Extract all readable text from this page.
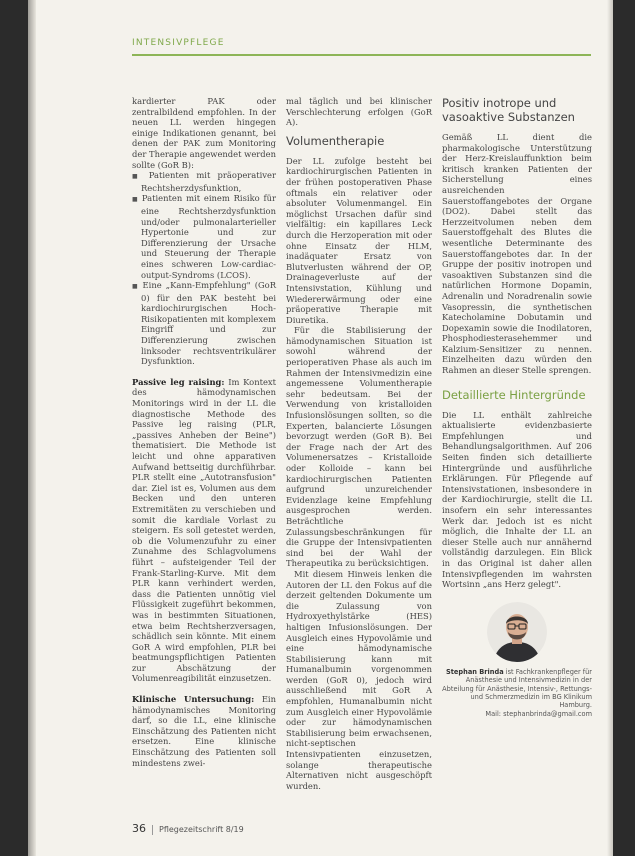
INTENSIVPFLEGE

kardierter PAK oder zentralbildend empfohlen. In der neuen LL werden hingegen einige Indikationen genannt, bei denen der PAK zum Monitoring der Therapie angewendet werden sollte (GoR B):

■ Patienten mit präoperativer Rechtsherzdysfunktion,

■ Patienten mit einem Risiko für eine Rechtsherzdysfunktion und/oder pulmonalarterieller Hypertonie und zur Differenzierung der Ursache und Steuerung der Therapie eines schweren Low-cardiac-output-Syndroms (LCOS).

■ Eine „Kann-Empfehlung" (GoR 0) für den PAK besteht bei kardiochirurgischen Hoch-Risikopatienten mit komplexem Eingriff und zur Differenzierung zwischen linksoder rechtsventrikulärer Dysfunktion.

Passive leg raising: Im Kontext des hämodynamischen Monitorings wird in der LL die diagnostische Methode des Passive leg raising (PLR, „passives Anheben der Beine") thematisiert. Die Methode ist leicht und ohne apparativen Aufwand bettseitig durchführbar. PLR stellt eine „Autotransfusion" dar. Ziel ist es, Volumen aus dem Becken und den unteren Extremitäten zu verschieben und somit die kardiale Vorlast zu steigern. Es soll getestet werden, ob die Volumenzufuhr zu einer Zunahme des Schlagvolumens führt – aufsteigender Teil der Frank-Starling-Kurve. Mit dem PLR kann verhindert werden, dass die Patienten unnötig viel Flüssigkeit zugeführt bekommen, was in bestimmten Situationen, etwa beim Rechtsherzversagen, schädlich sein könnte. Mit einem GoR A wird empfohlen, PLR bei beatmungspflichtigen Patienten zur Abschätzung der Volumenreagibilität einzusetzen.

Klinische Untersuchung: Ein hämodynamisches Monitoring darf, so die LL, eine klinische Einschätzung des Patienten nicht ersetzen. Eine klinische Einschätzung des Patienten soll mindestens zwei-

mal täglich und bei klinischer Verschlechterung erfolgen (GoR A).

Volumentherapie

Der LL zufolge besteht bei kardiochirurgischen Patienten in der frühen postoperativen Phase oftmals ein relativer oder absoluter Volumenmangel. Ein möglichst Ursachen dafür sind vielfältig: ein kapillares Leck durch die Herzoperation mit oder ohne Einsatz der HLM, inadäquater Ersatz von Blutverlusten während der OP, Drainageverluste auf der Intensivstation, Kühlung und Wiedererwärmung oder eine präoperative Therapie mit Diuretika.

Für die Stabilisierung der hämodynamischen Situation ist sowohl während der perioperativen Phase als auch im Rahmen der Intensivmedizin eine angemessene Volumentherapie sehr bedeutsam. Bei der Verwendung von kristalloiden Infusionslösungen sollten, so die Experten, balancierte Lösungen bevorzugt werden (GoR B). Bei der Frage nach der Art des Volumenersatzes – Kristalloide oder Kolloide – kann bei kardiochirurgischen Patienten aufgrund unzureichender Evidenzlage keine Empfehlung ausgesprochen werden. Beträchtliche Zulassungsbeschränkungen für die Gruppe der Intensivpatienten sind bei der Wahl der Therapeutika zu berücksichtigen.

Mit diesem Hinweis lenken die Autoren der LL den Fokus auf die derzeit geltenden Dokumente um die Zulassung von Hydroxyethylstärke (HES) haltigen Infusionslösungen. Der Ausgleich eines Hypovolämie und eine hämodynamische Stabilisierung kann mit Humanalbumin vorgenommen werden (GoR 0), jedoch wird ausschließend mit GoR A empfohlen, Humanalbumin nicht zum Ausgleich einer Hypovolämie oder zur hämodynamischen Stabilisierung beim erwachsenen, nicht-septischen Intensivpatienten einzusetzen, solange therapeutische Alternativen nicht ausgeschöpft wurden.

Positiv inotrope und vasoaktive Substanzen

Gemäß LL dient die pharmakologische Unterstützung der Herz-Kreislauffunktion beim kritisch kranken Patienten der Sicherstellung eines ausreichenden Sauerstoffangebotes der Organe (DO2). Dabei stellt das Herzzeitvolumen neben dem Sauerstoffgehalt des Blutes die wesentliche Determinante des Sauerstoffangebotes dar. In der Gruppe der positiv inotropen und vasoaktiven Substanzen sind die natürlichen Hormone Dopamin, Adrenalin und Noradrenalin sowie Vasopressin, die synthetischen Katecholamine Dobutamin und Dopexamin sowie die Inodilatoren, Phosphodiesterasehemmer und Kalzium-Sensitizer zu nennen. Einzelheiten dazu würden den Rahmen an dieser Stelle sprengen.

Detaillierte Hintergründe

Die LL enthält zahlreiche aktualisierte evidenzbasierte Empfehlungen und Behandlungsalgorithmen. Auf 206 Seiten finden sich detaillierte Hintergründe und ausführliche Erklärungen. Für Pflegende auf Intensivstationen, insbesondere in der Kardiochirurgie, stellt die LL insofern ein sehr interessantes Werk dar. Jedoch ist es nicht möglich, die Inhalte der LL an dieser Stelle auch nur annähernd vollständig darzulegen. Ein Blick in das Original ist daher allen Intensivpflegenden im wahrsten Wortsinn „ans Herz gelegt".

Stephan Brinda ist Fachkrankenpfleger für Anästhesie und Intensivmedizin in der Abteilung für Anästhesie, Intensiv-, Rettungs- und Schmerzmedizin im BG Klinikum Hamburg.
Mail: stephanbrinda@gmail.com
36 Pflegezeitschrift 8/19
